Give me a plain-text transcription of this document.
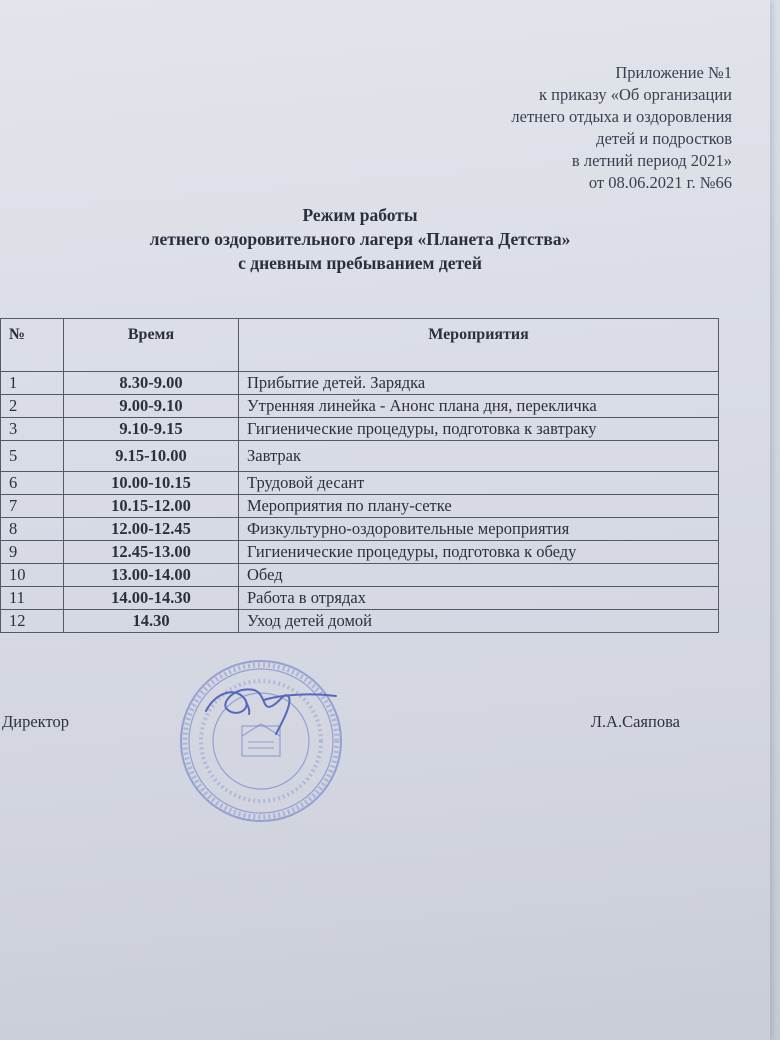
Приложение №1
к приказу «Об организации
летнего отдыха и оздоровления
детей и подростков
в летний период 2021»
от 08.06.2021 г. №66
Режим работы
летнего оздоровительного лагеря «Планета Детства»
с дневным пребыванием детей
№	Время	Мероприятия
1	8.30-9.00	Прибытие детей. Зарядка
2	9.00-9.10	Утренняя линейка - Анонс плана дня, перекличка
3	9.10-9.15	Гигиенические процедуры, подготовка к завтраку
5	9.15-10.00	Завтрак
6	10.00-10.15	Трудовой десант
7	10.15-12.00	Мероприятия по плану-сетке
8	12.00-12.45	Физкультурно-оздоровительные мероприятия
9	12.45-13.00	Гигиенические процедуры, подготовка к обеду
10	13.00-14.00	Обед
11	14.00-14.30	Работа в отрядах
12	14.30	Уход детей домой
Директор	Л.А.Саяпова
